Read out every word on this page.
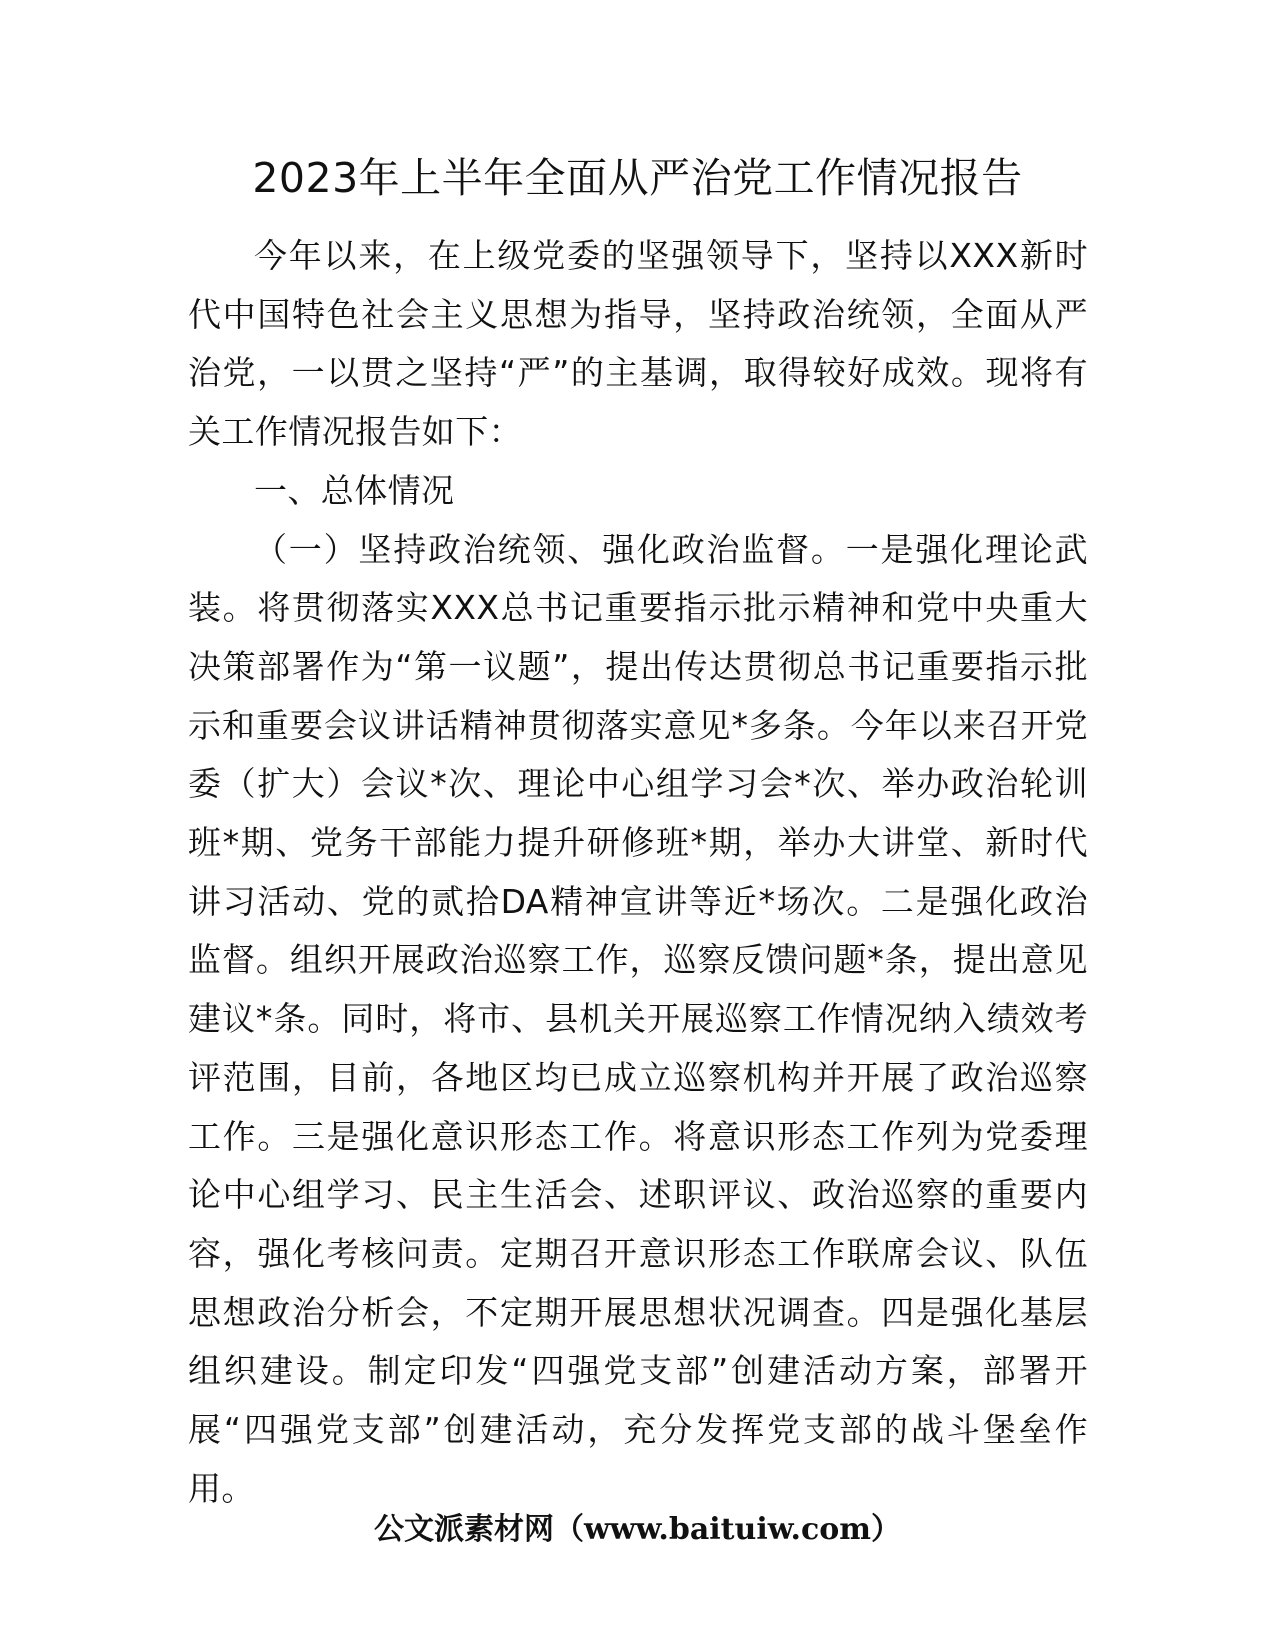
2023年上半年全面从严治党工作情况报告

今年以来，在上级党委的坚强领导下，坚持以XXX新时代中国特色社会主义思想为指导，坚持政治统领，全面从严治党，一以贯之坚持“严”的主基调，取得较好成效。现将有关工作情况报告如下：

一、总体情况

（一）坚持政治统领、强化政治监督。一是强化理论武装。将贯彻落实XXX总书记重要指示批示精神和党中央重大决策部署作为“第一议题”，提出传达贯彻总书记重要指示批示和重要会议讲话精神贯彻落实意见*多条。今年以来召开党委（扩大）会议*次、理论中心组学习会*次、举办政治轮训班*期、党务干部能力提升研修班*期，举办大讲堂、新时代讲习活动、党的贰拾DA精神宣讲等近*场次。二是强化政治监督。组织开展政治巡察工作，巡察反馈问题*条，提出意见建议*条。同时，将市、县机关开展巡察工作情况纳入绩效考评范围，目前，各地区均已成立巡察机构并开展了政治巡察工作。三是强化意识形态工作。将意识形态工作列为党委理论中心组学习、民主生活会、述职评议、政治巡察的重要内容，强化考核问责。定期召开意识形态工作联席会议、队伍思想政治分析会，不定期开展思想状况调查。四是强化基层组织建设。制定印发“四强党支部”创建活动方案，部署开展“四强党支部”创建活动，充分发挥党支部的战斗堡垒作用。

公文派素材网（www.baituiw.com）
